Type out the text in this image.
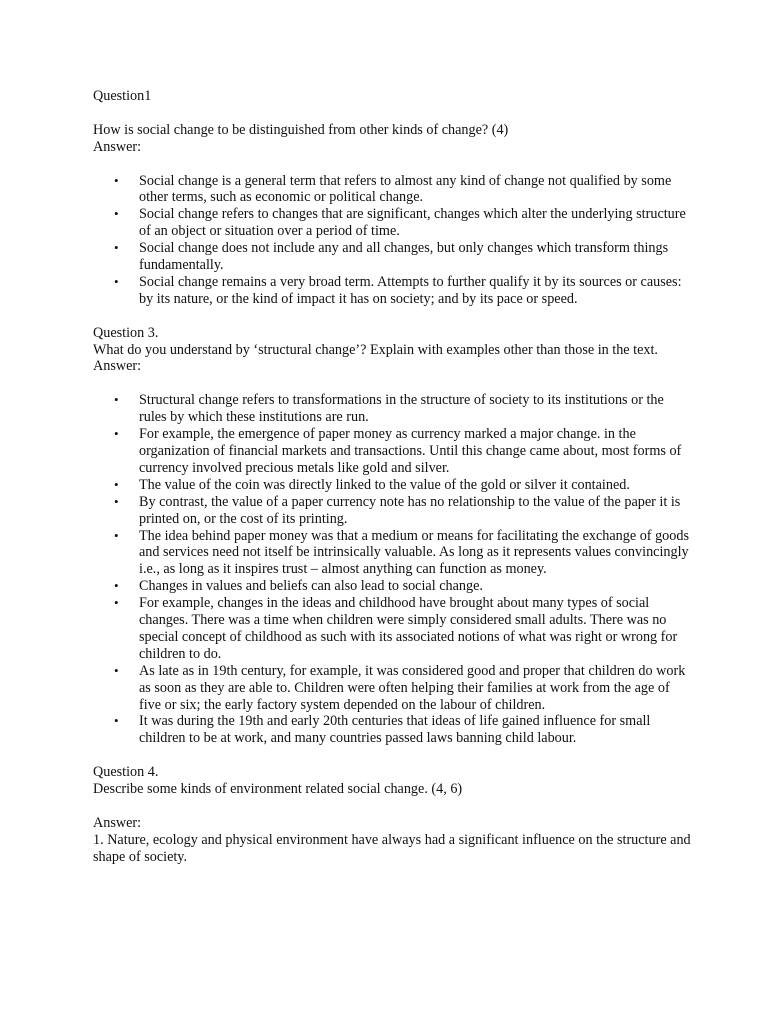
Question1

How is social change to be distinguished from other kinds of change? (4)

Answer:

• Social change is a general term that refers to almost any kind of change not qualified by some other terms, such as economic or political change.
• Social change refers to changes that are significant, changes which alter the underlying structure of an object or situation over a period of time.
• Social change does not include any and all changes, but only changes which transform things fundamentally.
• Social change remains a very broad term. Attempts to further qualify it by its sources or causes: by its nature, or the kind of impact it has on society; and by its pace or speed.

Question 3.

What do you understand by ‘structural change’? Explain with examples other than those in the text.

Answer:

• Structural change refers to transformations in the structure of society to its institutions or the rules by which these institutions are run.
• For example, the emergence of paper money as currency marked a major change. in the organization of financial markets and transactions. Until this change came about, most forms of currency involved precious metals like gold and silver.
• The value of the coin was directly linked to the value of the gold or silver it contained.
• By contrast, the value of a paper currency note has no relationship to the value of the paper it is printed on, or the cost of its printing.
• The idea behind paper money was that a medium or means for facilitating the exchange of goods and services need not itself be intrinsically valuable. As long as it represents values convincingly i.e., as long as it inspires trust – almost anything can function as money.
• Changes in values and beliefs can also lead to social change.
• For example, changes in the ideas and childhood have brought about many types of social changes. There was a time when children were simply considered small adults. There was no special concept of childhood as such with its associated notions of what was right or wrong for children to do.
• As late as in 19th century, for example, it was considered good and proper that children do work as soon as they are able to. Children were often helping their families at work from the age of five or six; the early factory system depended on the labour of children.
• It was during the 19th and early 20th centuries that ideas of life gained influence for small children to be at work, and many countries passed laws banning child labour.

Question 4.

Describe some kinds of environment related social change. (4, 6)

Answer:

1. Nature, ecology and physical environment have always had a significant influence on the structure and shape of society.
